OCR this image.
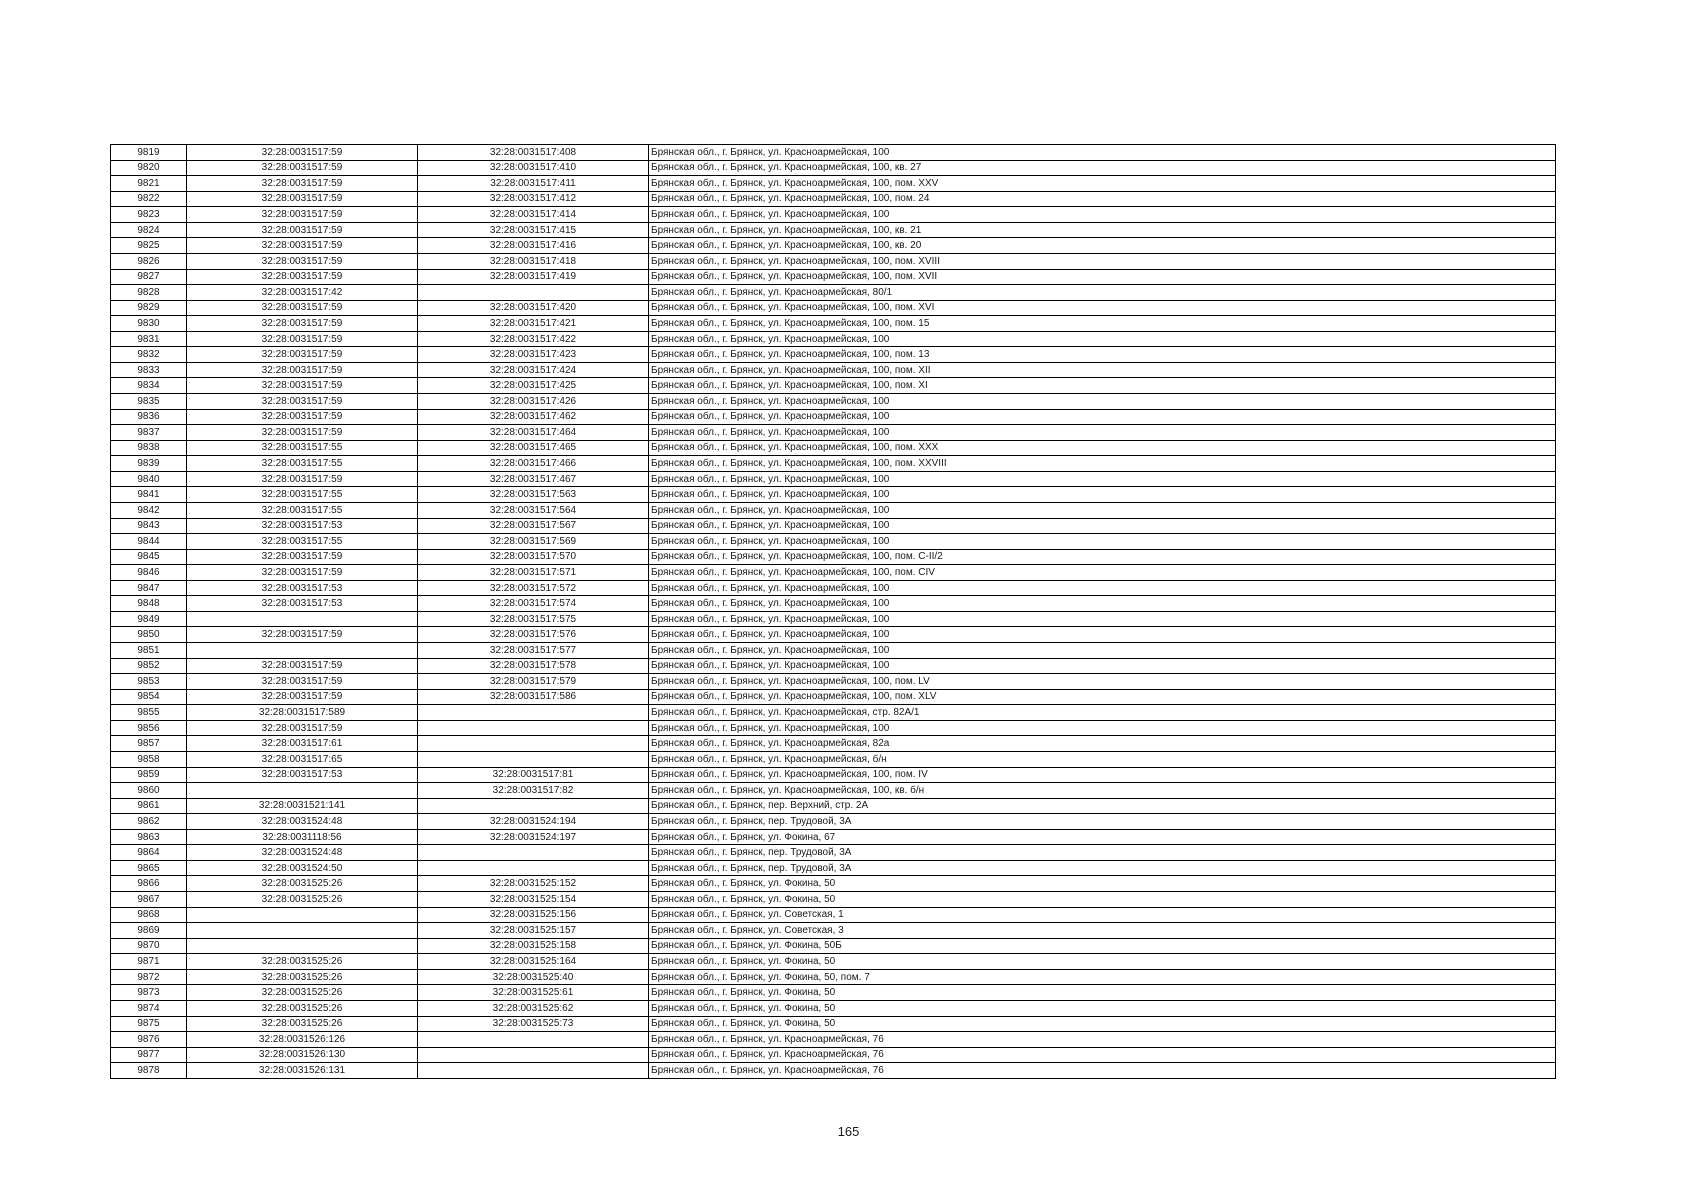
9819	32:28:0031517:59	32:28:0031517:408	Брянская обл., г. Брянск, ул. Красноармейская, 100
9820	32:28:0031517:59	32:28:0031517:410	Брянская обл., г. Брянск, ул. Красноармейская, 100, кв. 27
9821	32:28:0031517:59	32:28:0031517:411	Брянская обл., г. Брянск, ул. Красноармейская, 100, пом. XXV
9822	32:28:0031517:59	32:28:0031517:412	Брянская обл., г. Брянск, ул. Красноармейская, 100, пом. 24
9823	32:28:0031517:59	32:28:0031517:414	Брянская обл., г. Брянск, ул. Красноармейская, 100
9824	32:28:0031517:59	32:28:0031517:415	Брянская обл., г. Брянск, ул. Красноармейская, 100, кв. 21
9825	32:28:0031517:59	32:28:0031517:416	Брянская обл., г. Брянск, ул. Красноармейская, 100, кв. 20
9826	32:28:0031517:59	32:28:0031517:418	Брянская обл., г. Брянск, ул. Красноармейская, 100, пом. XVIII
9827	32:28:0031517:59	32:28:0031517:419	Брянская обл., г. Брянск, ул. Красноармейская, 100, пом. XVII
9828	32:28:0031517:42		Брянская обл., г. Брянск, ул. Красноармейская, 80/1
9829	32:28:0031517:59	32:28:0031517:420	Брянская обл., г. Брянск, ул. Красноармейская, 100, пом. XVI
9830	32:28:0031517:59	32:28:0031517:421	Брянская обл., г. Брянск, ул. Красноармейская, 100, пом. 15
9831	32:28:0031517:59	32:28:0031517:422	Брянская обл., г. Брянск, ул. Красноармейская, 100
9832	32:28:0031517:59	32:28:0031517:423	Брянская обл., г. Брянск, ул. Красноармейская, 100, пом. 13
9833	32:28:0031517:59	32:28:0031517:424	Брянская обл., г. Брянск, ул. Красноармейская, 100, пом. XII
9834	32:28:0031517:59	32:28:0031517:425	Брянская обл., г. Брянск, ул. Красноармейская, 100, пом. XI
9835	32:28:0031517:59	32:28:0031517:426	Брянская обл., г. Брянск, ул. Красноармейская, 100
9836	32:28:0031517:59	32:28:0031517:462	Брянская обл., г. Брянск, ул. Красноармейская, 100
9837	32:28:0031517:59	32:28:0031517:464	Брянская обл., г. Брянск, ул. Красноармейская, 100
9838	32:28:0031517:55	32:28:0031517:465	Брянская обл., г. Брянск, ул. Красноармейская, 100, пом. XXX
9839	32:28:0031517:55	32:28:0031517:466	Брянская обл., г. Брянск, ул. Красноармейская, 100, пом. XXVIII
9840	32:28:0031517:59	32:28:0031517:467	Брянская обл., г. Брянск, ул. Красноармейская, 100
9841	32:28:0031517:55	32:28:0031517:563	Брянская обл., г. Брянск, ул. Красноармейская, 100
9842	32:28:0031517:55	32:28:0031517:564	Брянская обл., г. Брянск, ул. Красноармейская, 100
9843	32:28:0031517:53	32:28:0031517:567	Брянская обл., г. Брянск, ул. Красноармейская, 100
9844	32:28:0031517:55	32:28:0031517:569	Брянская обл., г. Брянск, ул. Красноармейская, 100
9845	32:28:0031517:59	32:28:0031517:570	Брянская обл., г. Брянск, ул. Красноармейская, 100, пом. С-II/2
9846	32:28:0031517:59	32:28:0031517:571	Брянская обл., г. Брянск, ул. Красноармейская, 100, пом. CIV
9847	32:28:0031517:53	32:28:0031517:572	Брянская обл., г. Брянск, ул. Красноармейская, 100
9848	32:28:0031517:53	32:28:0031517:574	Брянская обл., г. Брянск, ул. Красноармейская, 100
9849		32:28:0031517:575	Брянская обл., г. Брянск, ул. Красноармейская, 100
9850	32:28:0031517:59	32:28:0031517:576	Брянская обл., г. Брянск, ул. Красноармейская, 100
9851		32:28:0031517:577	Брянская обл., г. Брянск, ул. Красноармейская, 100
9852	32:28:0031517:59	32:28:0031517:578	Брянская обл., г. Брянск, ул. Красноармейская, 100
9853	32:28:0031517:59	32:28:0031517:579	Брянская обл., г. Брянск, ул. Красноармейская, 100, пом. LV
9854	32:28:0031517:59	32:28:0031517:586	Брянская обл., г. Брянск, ул. Красноармейская, 100, пом. XLV
9855	32:28:0031517:589		Брянская обл., г. Брянск, ул. Красноармейская, стр. 82А/1
9856	32:28:0031517:59		Брянская обл., г. Брянск, ул. Красноармейская, 100
9857	32:28:0031517:61		Брянская обл., г. Брянск, ул. Красноармейская, 82а
9858	32:28:0031517:65		Брянская обл., г. Брянск, ул. Красноармейская, б/н
9859	32:28:0031517:53	32:28:0031517:81	Брянская обл., г. Брянск, ул. Красноармейская, 100, пом. IV
9860		32:28:0031517:82	Брянская обл., г. Брянск, ул. Красноармейская, 100, кв. б/н
9861	32:28:0031521:141		Брянская обл., г. Брянск, пер. Верхний, стр. 2А
9862	32:28:0031524:48	32:28:0031524:194	Брянская обл., г. Брянск, пер. Трудовой, 3А
9863	32:28:0031118:56	32:28:0031524:197	Брянская обл., г. Брянск, ул. Фокина, 67
9864	32:28:0031524:48		Брянская обл., г. Брянск, пер. Трудовой, 3А
9865	32:28:0031524:50		Брянская обл., г. Брянск, пер. Трудовой, 3А
9866	32:28:0031525:26	32:28:0031525:152	Брянская обл., г. Брянск, ул. Фокина, 50
9867	32:28:0031525:26	32:28:0031525:154	Брянская обл., г. Брянск, ул. Фокина, 50
9868		32:28:0031525:156	Брянская обл., г. Брянск, ул. Советская, 1
9869		32:28:0031525:157	Брянская обл., г. Брянск, ул. Советская, 3
9870		32:28:0031525:158	Брянская обл., г. Брянск, ул. Фокина, 50Б
9871	32:28:0031525:26	32:28:0031525:164	Брянская обл., г. Брянск, ул. Фокина, 50
9872	32:28:0031525:26	32:28:0031525:40	Брянская обл., г. Брянск, ул. Фокина, 50, пом. 7
9873	32:28:0031525:26	32:28:0031525:61	Брянская обл., г. Брянск, ул. Фокина, 50
9874	32:28:0031525:26	32:28:0031525:62	Брянская обл., г. Брянск, ул. Фокина, 50
9875	32:28:0031525:26	32:28:0031525:73	Брянская обл., г. Брянск, ул. Фокина, 50
9876	32:28:0031526:126		Брянская обл., г. Брянск, ул. Красноармейская, 76
9877	32:28:0031526:130		Брянская обл., г. Брянск, ул. Красноармейская, 76
9878	32:28:0031526:131		Брянская обл., г. Брянск, ул. Красноармейская, 76
165
